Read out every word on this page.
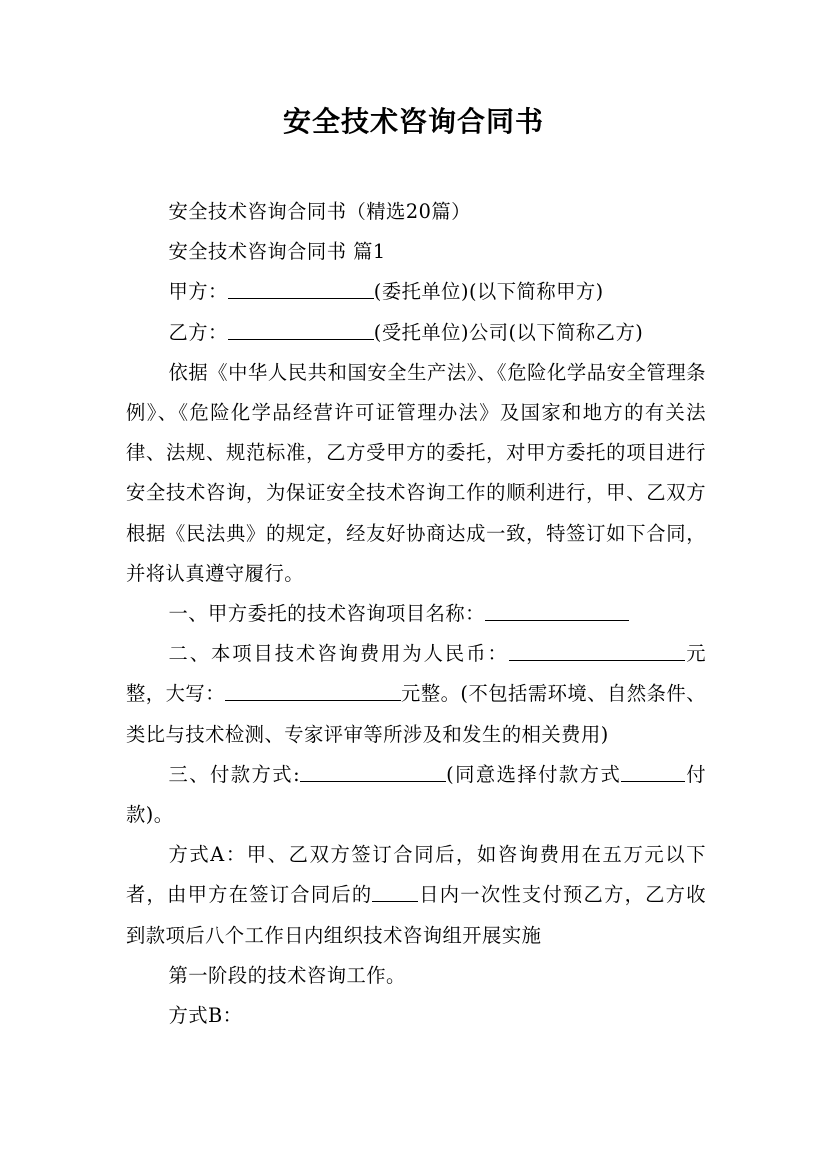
安全技术咨询合同书

安全技术咨询合同书（精选20篇）

安全技术咨询合同书 篇1

甲方：	(委托单位)(以下简称甲方)

乙方：	(受托单位)公司(以下简称乙方)

依据《中华人民共和国安全生产法》、《危险化学品安全管理条例》、《危险化学品经营许可证管理办法》及国家和地方的有关法律、法规、规范标准，乙方受甲方的委托，对甲方委托的项目进行安全技术咨询，为保证安全技术咨询工作的顺利进行，甲、乙双方根据《民法典》的规定，经友好协商达成一致，特签订如下合同，并将认真遵守履行。

一、甲方委托的技术咨询项目名称：

二、本项目技术咨询费用为人民币：	元整，大写：	元整。(不包括需环境、自然条件、类比与技术检测、专家评审等所涉及和发生的相关费用)

三、付款方式:	(同意选择付款方式	付款)。

方式A：甲、乙双方签订合同后，如咨询费用在五万元以下者，由甲方在签订合同后的 日内一次性支付预乙方，乙方收到款项后八个工作日内组织技术咨询组开展实施

第一阶段的技术咨询工作。

方式B：
